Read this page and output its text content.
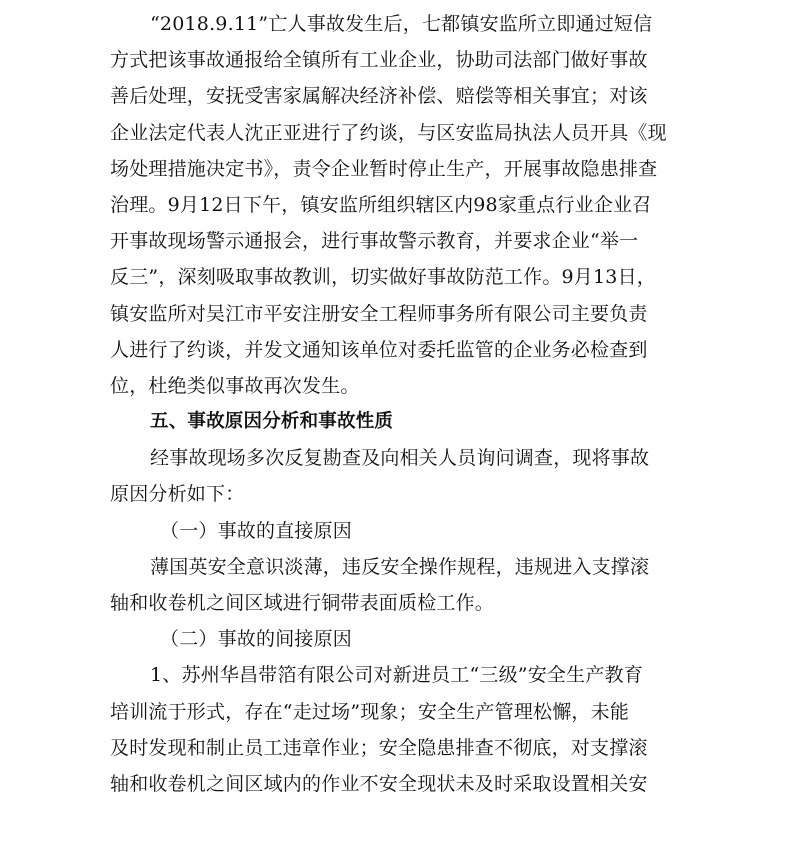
“2018.9.11”亡人事故发生后，七都镇安监所立即通过短信
方式把该事故通报给全镇所有工业企业，协助司法部门做好事故
善后处理，安抚受害家属解决经济补偿、赔偿等相关事宜；对该
企业法定代表人沈正亚进行了约谈，与区安监局执法人员开具《现
场处理措施决定书》，责令企业暂时停止生产，开展事故隐患排查
治理。9月12日下午，镇安监所组织辖区内98家重点行业企业召
开事故现场警示通报会，进行事故警示教育，并要求企业“举一
反三”，深刻吸取事故教训，切实做好事故防范工作。9月13日，
镇安监所对吴江市平安注册安全工程师事务所有限公司主要负责
人进行了约谈，并发文通知该单位对委托监管的企业务必检查到
位，杜绝类似事故再次发生。
五、事故原因分析和事故性质
经事故现场多次反复勘查及向相关人员询问调查，现将事故
原因分析如下：
（一）事故的直接原因
薄国英安全意识淡薄，违反安全操作规程，违规进入支撑滚
轴和收卷机之间区域进行铜带表面质检工作。
（二）事故的间接原因
1、苏州华昌带箔有限公司对新进员工“三级”安全生产教育
培训流于形式，存在“走过场”现象；安全生产管理松懈，未能
及时发现和制止员工违章作业；安全隐患排查不彻底，对支撑滚
轴和收卷机之间区域内的作业不安全现状未及时采取设置相关安
